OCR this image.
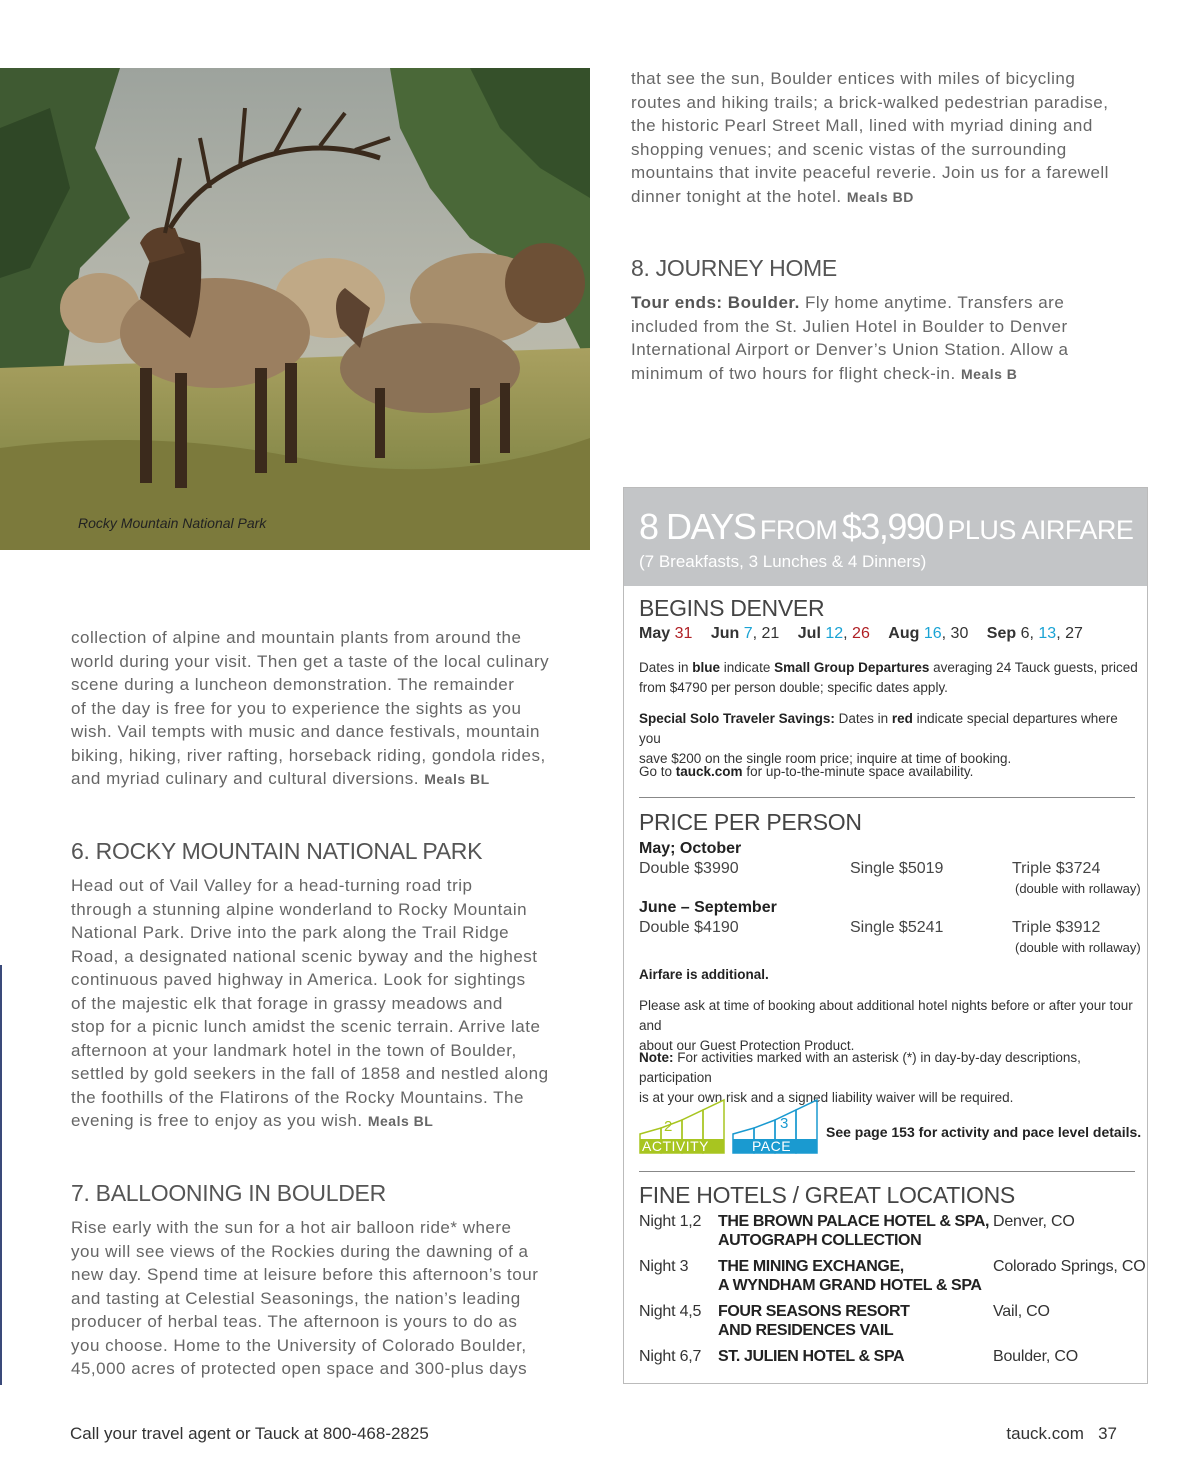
Rocky Mountain National Park
that see the sun, Boulder entices with miles of bicycling
routes and hiking trails; a brick-walked pedestrian paradise,
the historic Pearl Street Mall, lined with myriad dining and
shopping venues; and scenic vistas of the surrounding
mountains that invite peaceful reverie. Join us for a farewell
dinner tonight at the hotel. Meals BD
8. JOURNEY HOME
Tour ends: Boulder. Fly home anytime. Transfers are
included from the St. Julien Hotel in Boulder to Denver
International Airport or Denver’s Union Station. Allow a
minimum of two hours for flight check-in. Meals B
collection of alpine and mountain plants from around the
world during your visit. Then get a taste of the local culinary
scene during a luncheon demonstration. The remainder
of the day is free for you to experience the sights as you
wish. Vail tempts with music and dance festivals, mountain
biking, hiking, river rafting, horseback riding, gondola rides,
and myriad culinary and cultural diversions. Meals BL
6. ROCKY MOUNTAIN NATIONAL PARK
Head out of Vail Valley for a head-turning road trip
through a stunning alpine wonderland to Rocky Mountain
National Park. Drive into the park along the Trail Ridge
Road, a designated national scenic byway and the highest
continuous paved highway in America. Look for sightings
of the majestic elk that forage in grassy meadows and
stop for a picnic lunch amidst the scenic terrain. Arrive late
afternoon at your landmark hotel in the town of Boulder,
settled by gold seekers in the fall of 1858 and nestled along
the foothills of the Flatirons of the Rocky Mountains. The
evening is free to enjoy as you wish. Meals BL
7. BALLOONING IN BOULDER
Rise early with the sun for a hot air balloon ride* where
you will see views of the Rockies during the dawning of a
new day. Spend time at leisure before this afternoon’s tour
and tasting at Celestial Seasonings, the nation’s leading
producer of herbal teas. The afternoon is yours to do as
you choose. Home to the University of Colorado Boulder,
45,000 acres of protected open space and 300-plus days
8 DAYS FROM $3,990 PLUS AIRFARE
(7 Breakfasts, 3 Lunches & 4 Dinners)
BEGINS DENVER
May 31 Jun 7, 21 Jul 12, 26 Aug 16, 30 Sep 6, 13, 27
Dates in blue indicate Small Group Departures averaging 24 Tauck guests, priced
from $4790 per person double; specific dates apply.
Special Solo Traveler Savings: Dates in red indicate special departures where you
save $200 on the single room price; inquire at time of booking.
Go to tauck.com for up-to-the-minute space availability.
PRICE PER PERSON
May; October
Double $3990	Single $5019	Triple $3724
(double with rollaway)
June – September
Double $4190	Single $5241	Triple $3912
(double with rollaway)
Airfare is additional.
Please ask at time of booking about additional hotel nights before or after your tour and
about our Guest Protection Product.
Note: For activities marked with an asterisk (*) in day-by-day descriptions, participation
is at your own risk and a signed liability waiver will be required.
2
ACTIVITY
3
PACE
See page 153 for activity and pace level details.
FINE HOTELS / GREAT LOCATIONS
Night 1,2 THE BROWN PALACE HOTEL & SPA,
AUTOGRAPH COLLECTION
Denver, CO
Night 3 THE MINING EXCHANGE,
A WYNDHAM GRAND HOTEL & SPA
Colorado Springs, CO
Night 4,5 FOUR SEASONS RESORT
AND RESIDENCES VAIL
Vail, CO
Night 6,7 ST. JULIEN HOTEL & SPA	Boulder, CO
Call your travel agent or Tauck at 800-468-2825	tauck.com 37
